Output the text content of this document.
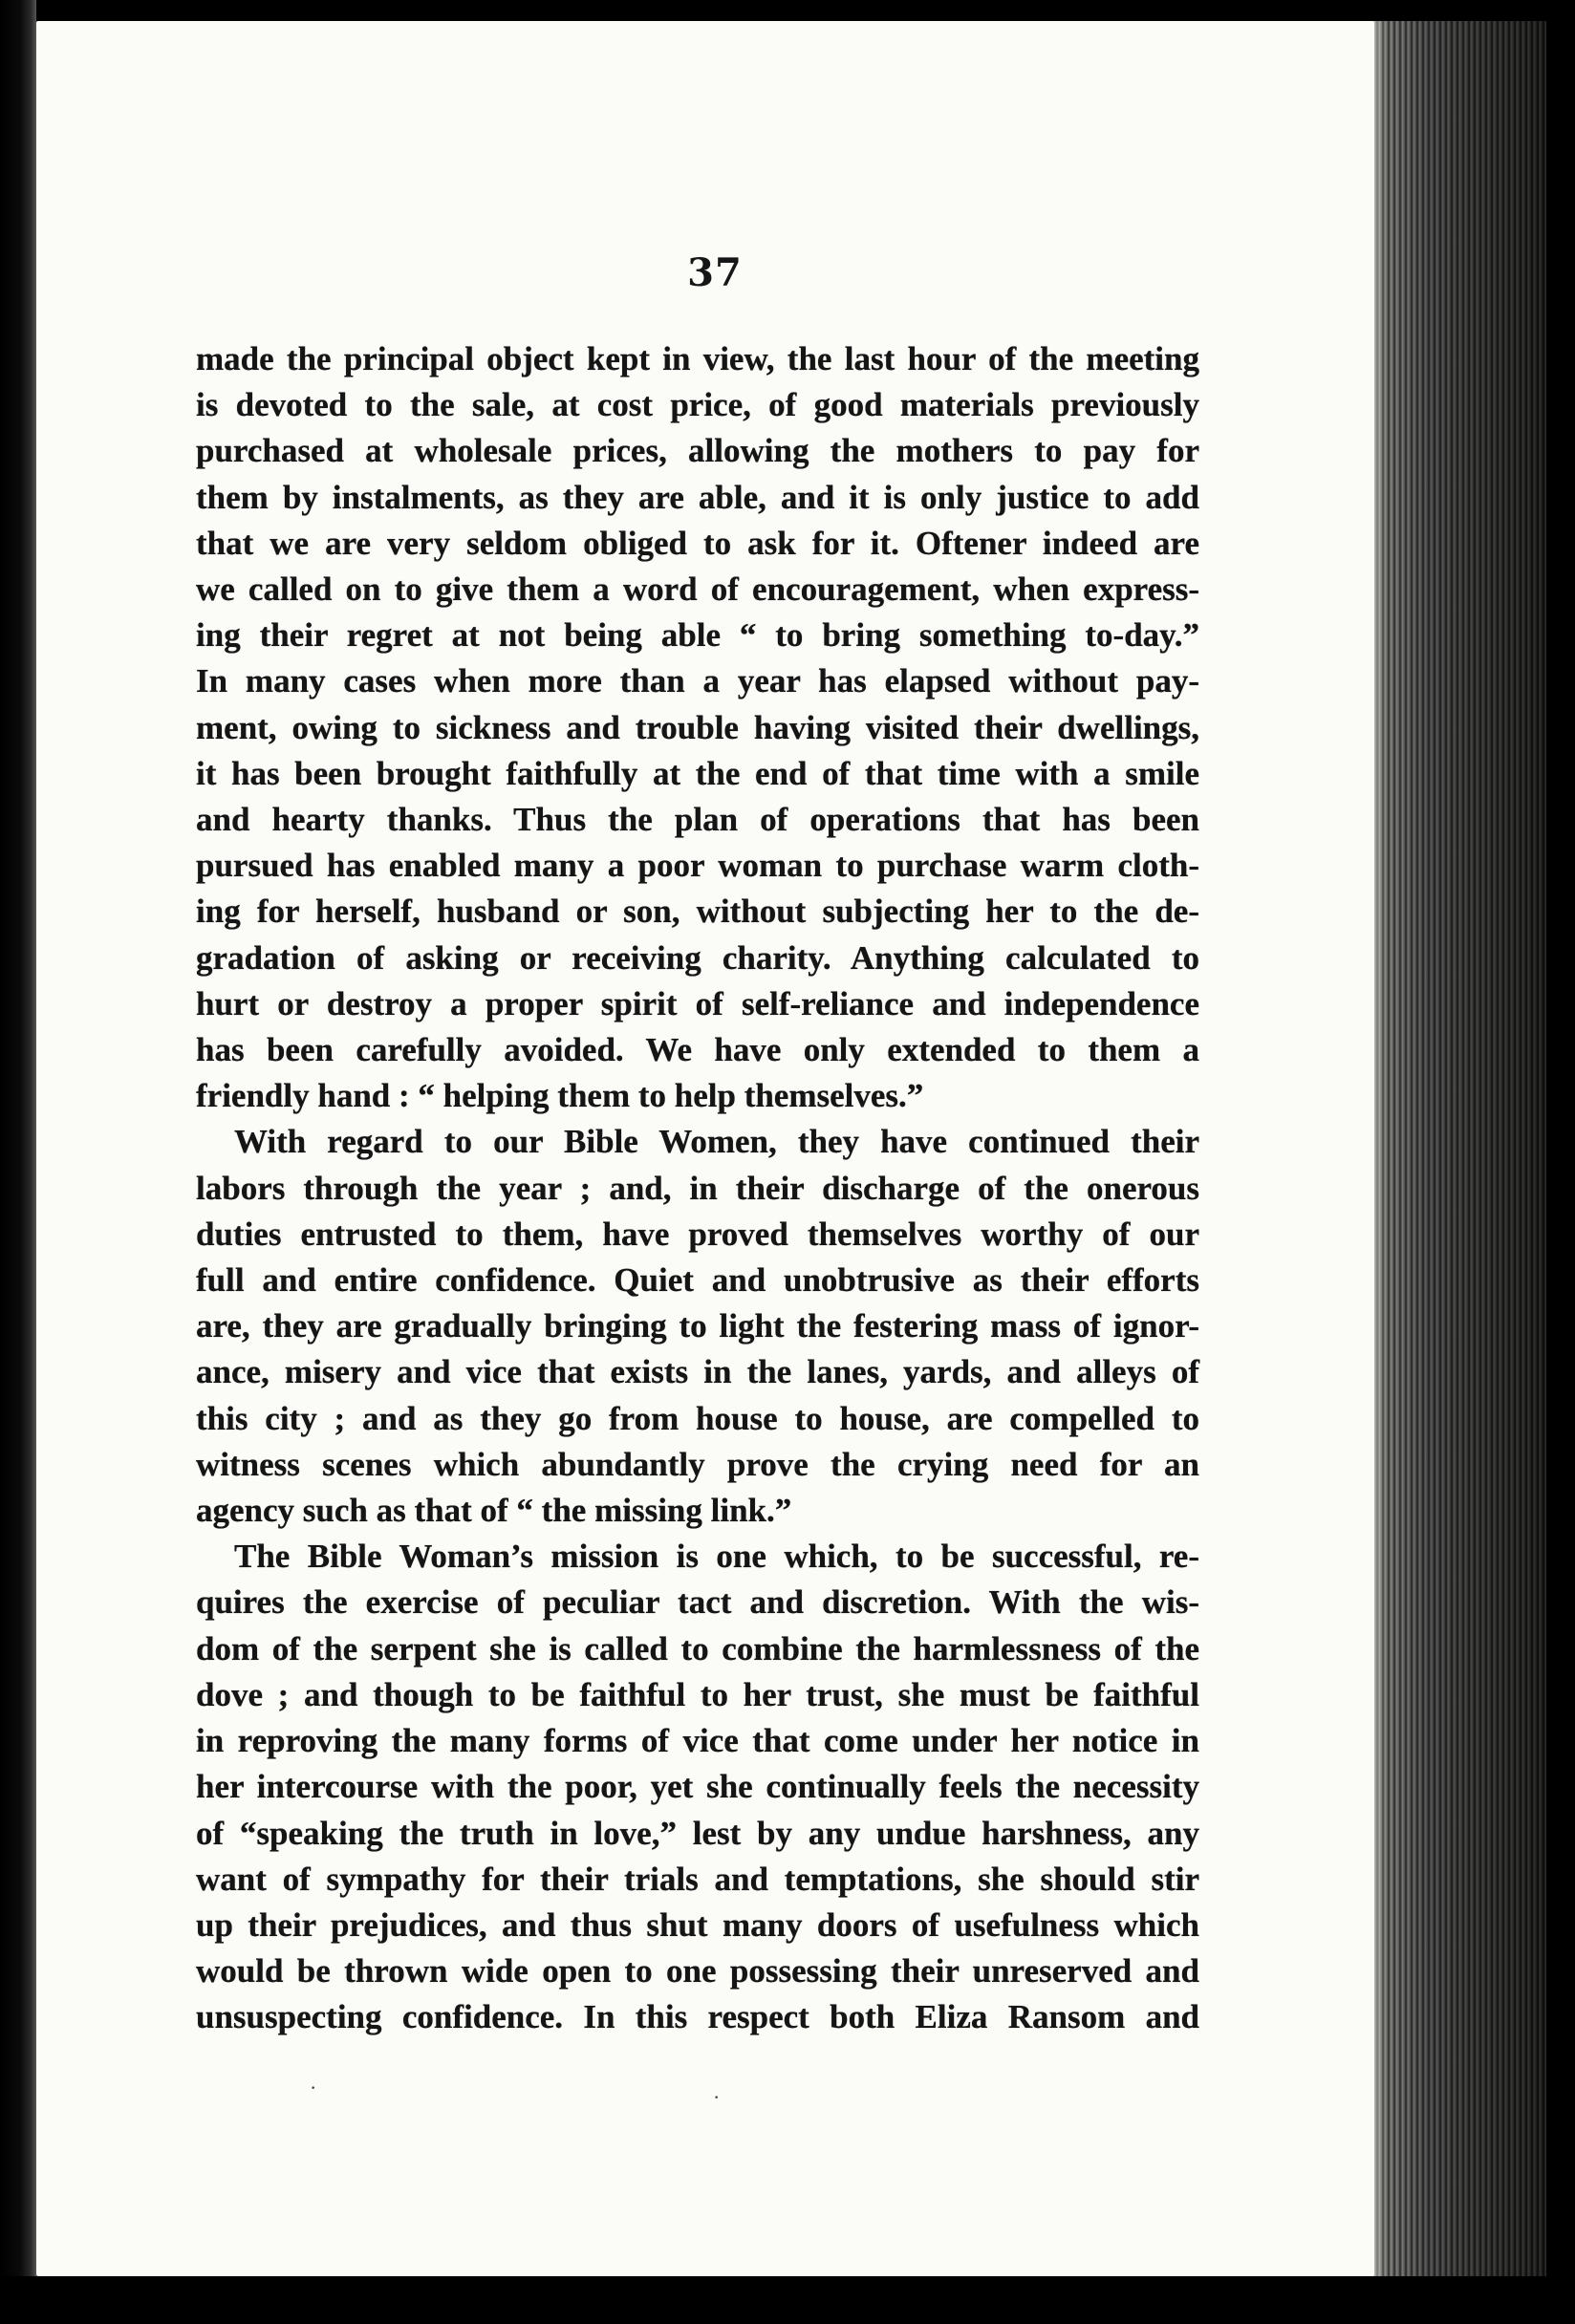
37
made the principal object kept in view, the last hour of the meeting
is devoted to the sale, at cost price, of good materials previously
purchased at wholesale prices, allowing the mothers to pay for
them by instalments, as they are able, and it is only justice to add
that we are very seldom obliged to ask for it. Oftener indeed are
we called on to give them a word of encouragement, when express-
ing their regret at not being able “ to bring something to-day.”
In many cases when more than a year has elapsed without pay-
ment, owing to sickness and trouble having visited their dwellings,
it has been brought faithfully at the end of that time with a smile
and hearty thanks. Thus the plan of operations that has been
pursued has enabled many a poor woman to purchase warm cloth-
ing for herself, husband or son, without subjecting her to the de-
gradation of asking or receiving charity. Anything calculated to
hurt or destroy a proper spirit of self-reliance and independence
has been carefully avoided. We have only extended to them a
friendly hand : “ helping them to help themselves.”
With regard to our Bible Women, they have continued their
labors through the year ; and, in their discharge of the onerous
duties entrusted to them, have proved themselves worthy of our
full and entire confidence. Quiet and unobtrusive as their efforts
are, they are gradually bringing to light the festering mass of ignor-
ance, misery and vice that exists in the lanes, yards, and alleys of
this city ; and as they go from house to house, are compelled to
witness scenes which abundantly prove the crying need for an
agency such as that of “ the missing link.”
The Bible Woman’s mission is one which, to be successful, re-
quires the exercise of peculiar tact and discretion. With the wis-
dom of the serpent she is called to combine the harmlessness of the
dove ; and though to be faithful to her trust, she must be faithful
in reproving the many forms of vice that come under her notice in
her intercourse with the poor, yet she continually feels the necessity
of “speaking the truth in love,” lest by any undue harshness, any
want of sympathy for their trials and temptations, she should stir
up their prejudices, and thus shut many doors of usefulness which
would be thrown wide open to one possessing their unreserved and
unsuspecting confidence. In this respect both Eliza Ransom and
·	·
